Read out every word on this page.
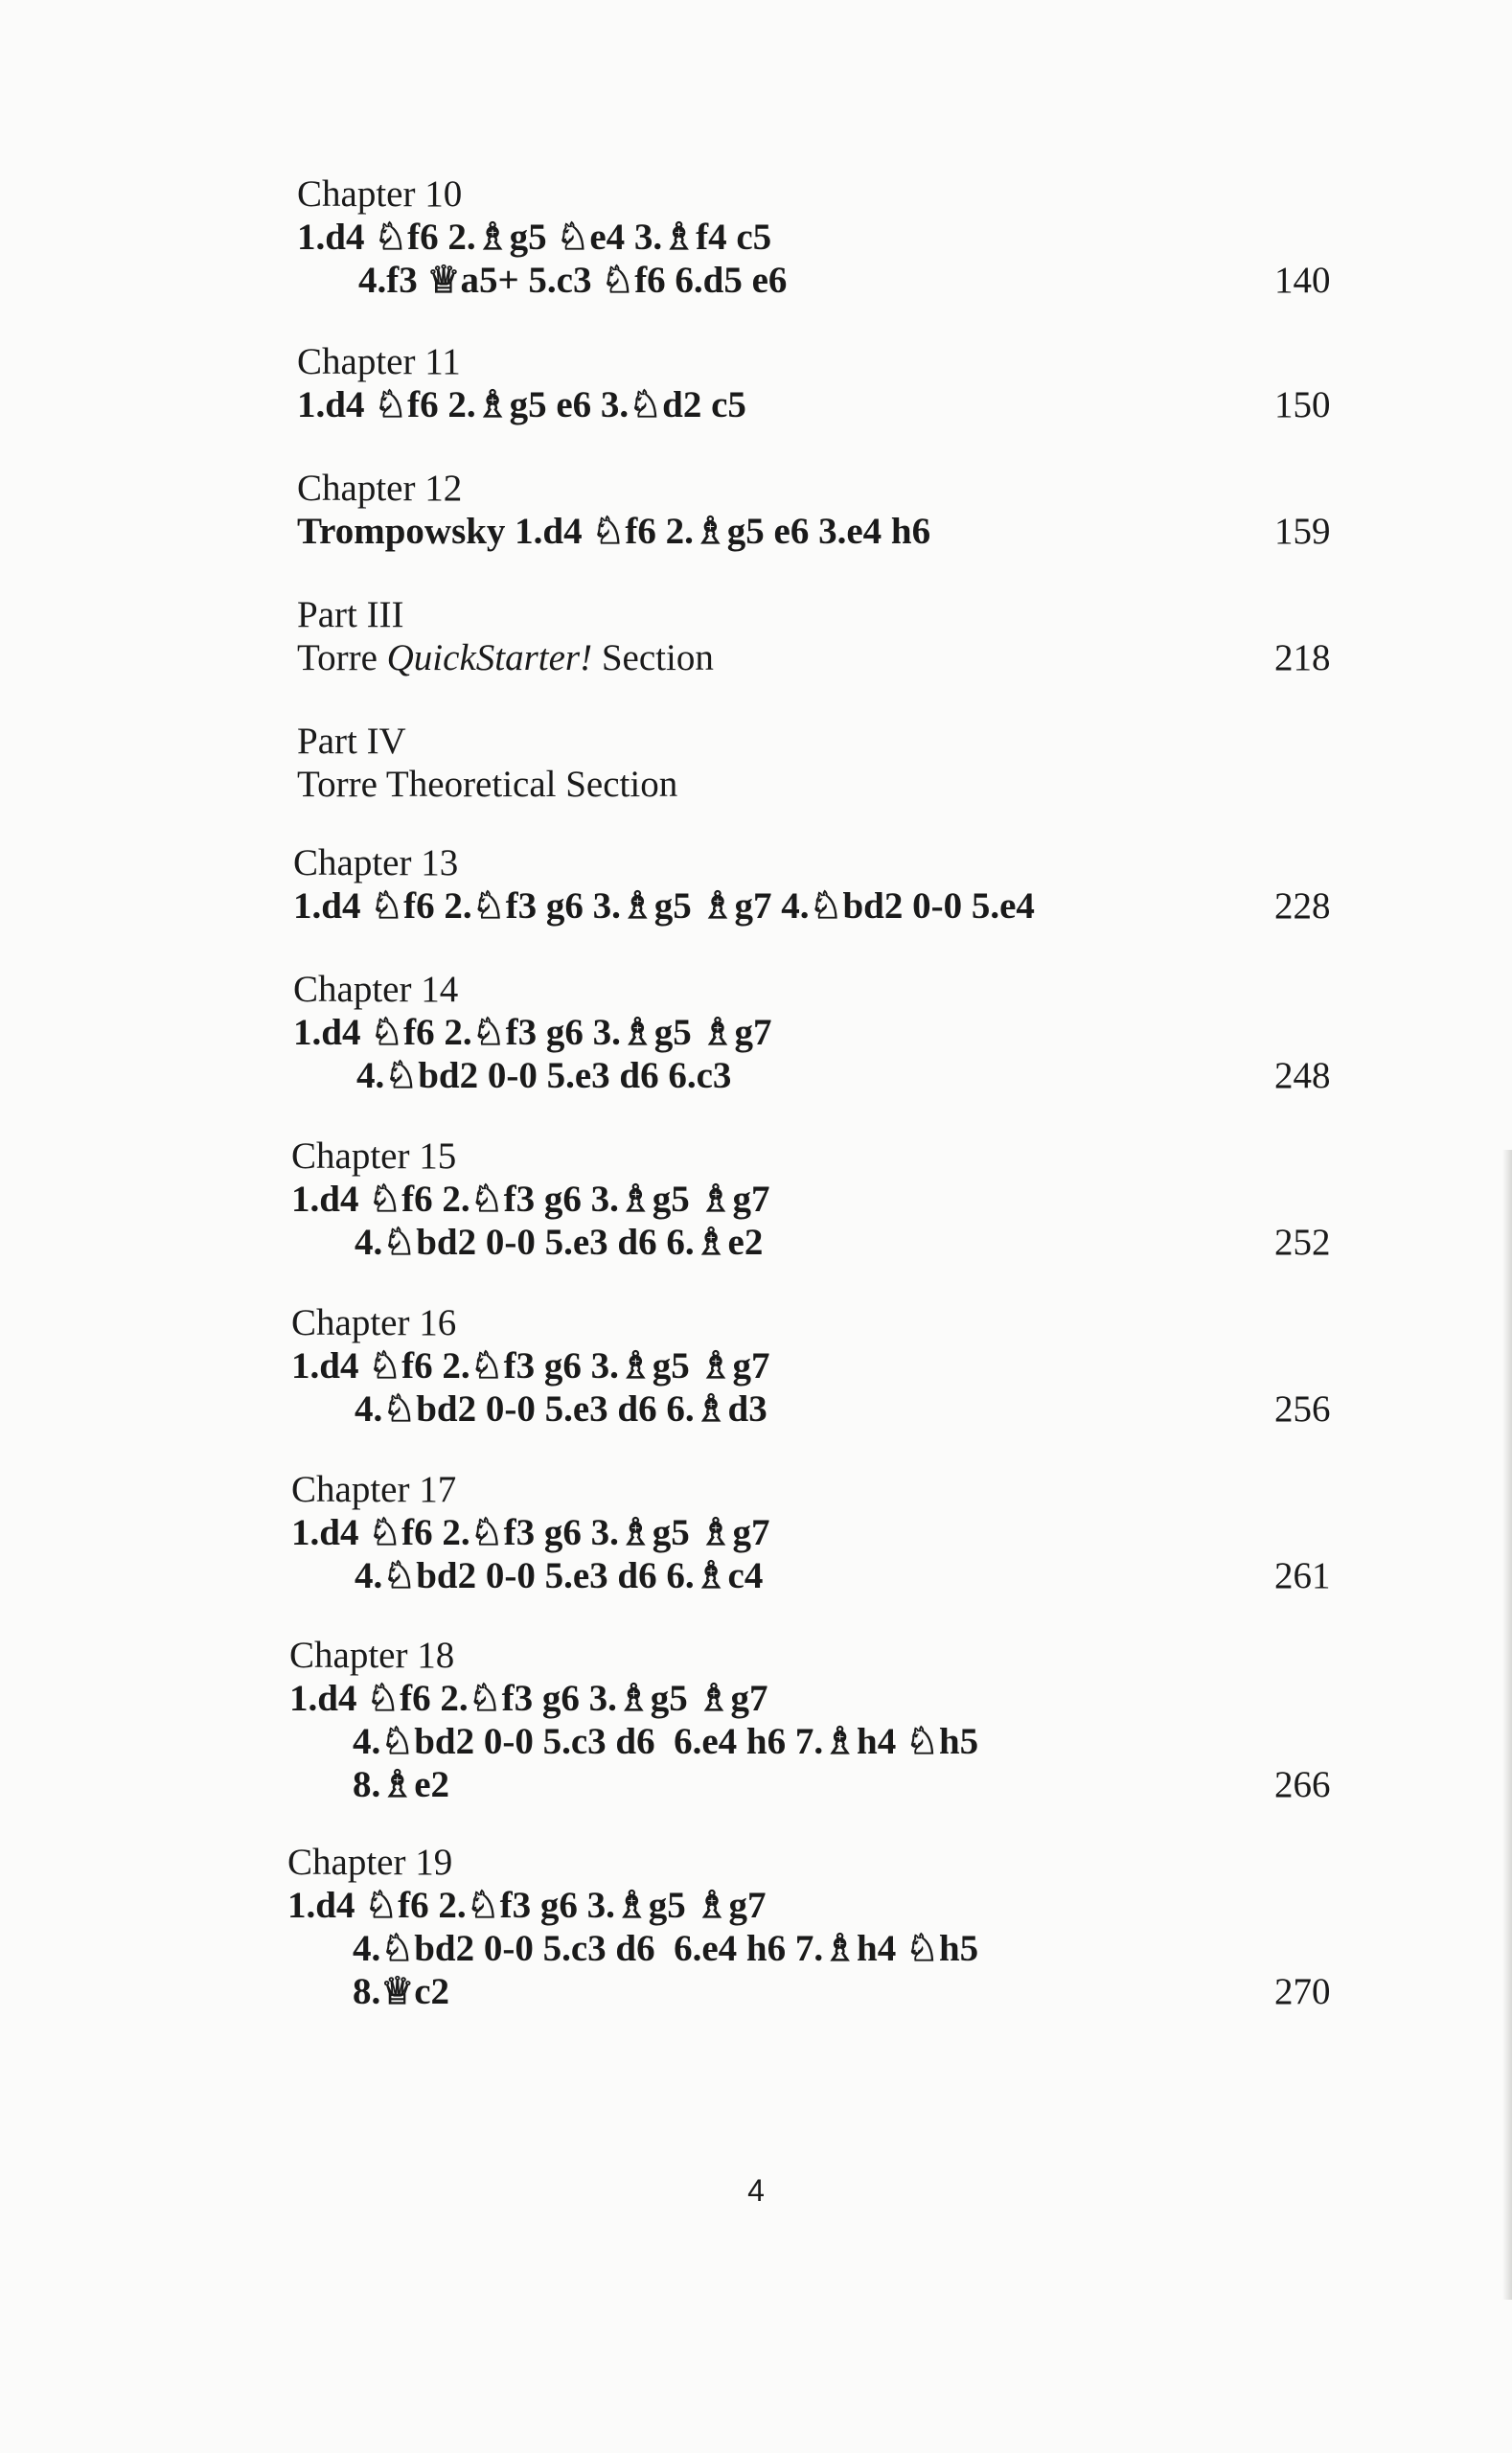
Chapter 10
1.d4 ♘f6 2.♗g5 ♘e4 3.♗f4 c5
4.f3 ♕a5+ 5.c3 ♘f6 6.d5 e6	140
Chapter 11
1.d4 ♘f6 2.♗g5 e6 3.♘d2 c5	150
Chapter 12
Trompowsky 1.d4 ♘f6 2.♗g5 e6 3.e4 h6	159
Part III
Torre QuickStarter! Section	218
Part IV
Torre Theoretical Section
Chapter 13
1.d4 ♘f6 2.♘f3 g6 3.♗g5 ♗g7 4.♘bd2 0-0 5.e4	228
Chapter 14
1.d4 ♘f6 2.♘f3 g6 3.♗g5 ♗g7
4.♘bd2 0-0 5.e3 d6 6.c3	248
Chapter 15
1.d4 ♘f6 2.♘f3 g6 3.♗g5 ♗g7
4.♘bd2 0-0 5.e3 d6 6.♗e2	252
Chapter 16
1.d4 ♘f6 2.♘f3 g6 3.♗g5 ♗g7
4.♘bd2 0-0 5.e3 d6 6.♗d3	256
Chapter 17
1.d4 ♘f6 2.♘f3 g6 3.♗g5 ♗g7
4.♘bd2 0-0 5.e3 d6 6.♗c4	261
Chapter 18
1.d4 ♘f6 2.♘f3 g6 3.♗g5 ♗g7
4.♘bd2 0-0 5.c3 d6  6.e4 h6 7.♗h4 ♘h5
8.♗e2	266
Chapter 19
1.d4 ♘f6 2.♘f3 g6 3.♗g5 ♗g7
4.♘bd2 0-0 5.c3 d6  6.e4 h6 7.♗h4 ♘h5
8.♕c2	270
4
